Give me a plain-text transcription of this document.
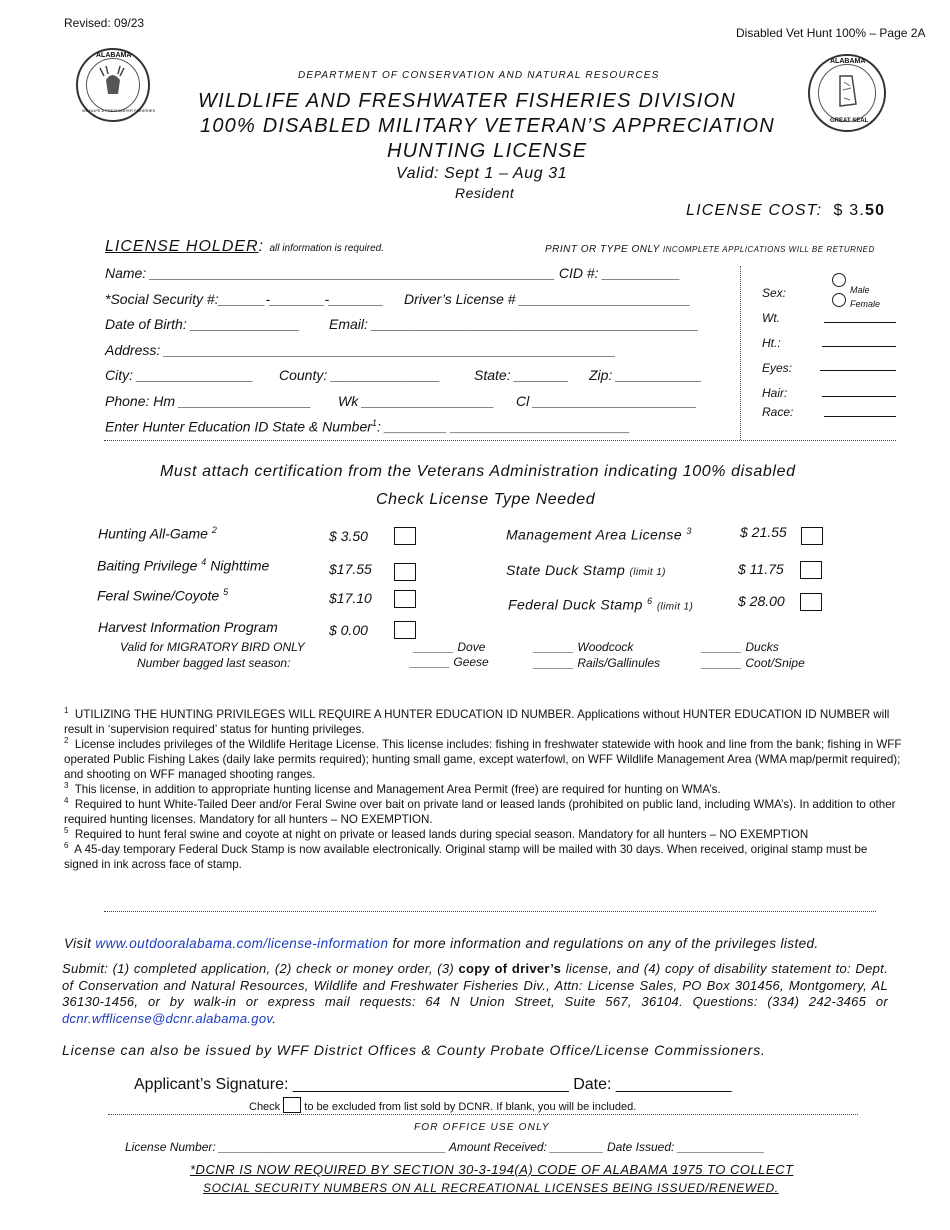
Revised: 09/23
Disabled Vet Hunt 100% – Page 2A
ALABAMA
WILDLIFE & FRESHWATER FISHERIES
ALABAMA
GREAT SEAL
DEPARTMENT OF CONSERVATION AND NATURAL RESOURCES
WILDLIFE AND FRESHWATER FISHERIES DIVISION
100% DISABLED MILITARY VETERAN’S APPRECIATION
HUNTING LICENSE
Valid: Sept 1 – Aug 31
Resident
LICENSE COST: $ 3.50
LICENSE HOLDER: all information is required.	PRINT OR TYPE ONLY INCOMPLETE APPLICATIONS WILL BE RETURNED
Name: ____________________________________________________ CID #: __________
*Social Security #:______-_______-_______ Driver’s License # ______________________
Date of Birth: ______________ Email: __________________________________________
Address: __________________________________________________________
City: _______________ County: ______________ State: _______ Zip: ___________
Phone: Hm _________________ Wk _________________ Cl _____________________
Enter Hunter Education ID State & Number$^1$: ________ _______________________
Sex:	Male
Female
Wt.
Ht.:
Eyes:
Hair:
Race:
Must attach certification from the Veterans Administration indicating 100% disabled
Check License Type Needed
Hunting All-Game $^2$	$ 3.50
Baiting Privilege $^4$ Nighttime	$17.55
Feral Swine/Coyote $^5$	$17.10
Harvest Information Program	$ 0.00
Management Area License $^3$	$ 21.55
State Duck Stamp (limit 1)	$ 11.75
Federal Duck Stamp $^6$ (limit 1)	$ 28.00
Valid for MIGRATORY BIRD ONLY
Number bagged last season:
______ Dove
______ Geese
______ Woodcock
______ Rails/Gallinules
______ Ducks
______ Coot/Snipe
$^1$ UTILIZING THE HUNTING PRIVILEGES WILL REQUIRE A HUNTER EDUCATION ID NUMBER. Applications without HUNTER EDUCATION ID NUMBER will result in ‘supervision required’ status for hunting privileges.
$^2$ License includes privileges of the Wildlife Heritage License. This license includes: fishing in freshwater statewide with hook and line from the bank; fishing in WFF operated Public Fishing Lakes (daily lake permits required); hunting small game, except waterfowl, on WFF Wildlife Management Area (WMA map/permit required); and shooting on WFF managed shooting ranges.
$^3$ This license, in addition to appropriate hunting license and Management Area Permit (free) are required for hunting on WMA’s.
$^4$ Required to hunt White-Tailed Deer and/or Feral Swine over bait on private land or leased lands (prohibited on public land, including WMA’s). In addition to other required hunting licenses. Mandatory for all hunters – NO EXEMPTION.
$^5$ Required to hunt feral swine and coyote at night on private or leased lands during special season. Mandatory for all hunters – NO EXEMPTION
$^6$ A 45-day temporary Federal Duck Stamp is now available electronically. Original stamp will be mailed with 30 days. When received, original stamp must be signed in ink across face of stamp.
Visit www.outdooralabama.com/license-information for more information and regulations on any of the privileges listed.
Submit: (1) completed application, (2) check or money order, (3) copy of driver’s license, and (4) copy of disability statement to: Dept. of Conservation and Natural Resources, Wildlife and Freshwater Fisheries Div., Attn: License Sales, PO Box 301456, Montgomery, AL 36130-1456, or by walk-in or express mail requests: 64 N Union Street, Suite 567, 36104. Questions: (334) 242-3465 or dcnr.wfflicense@dcnr.alabama.gov.
License can also be issued by WFF District Offices & County Probate Office/License Commissioners.
Applicant’s Signature: _______________________________ Date: _____________
Check  to be excluded from list sold by DCNR. If blank, you will be included.
FOR OFFICE USE ONLY
License Number: __________________________________ Amount Received: ________ Date Issued: _____________
*DCNR IS NOW REQUIRED BY SECTION 30-3-194(A) CODE OF ALABAMA 1975 TO COLLECT
SOCIAL SECURITY NUMBERS ON ALL RECREATIONAL LICENSES BEING ISSUED/RENEWED.
